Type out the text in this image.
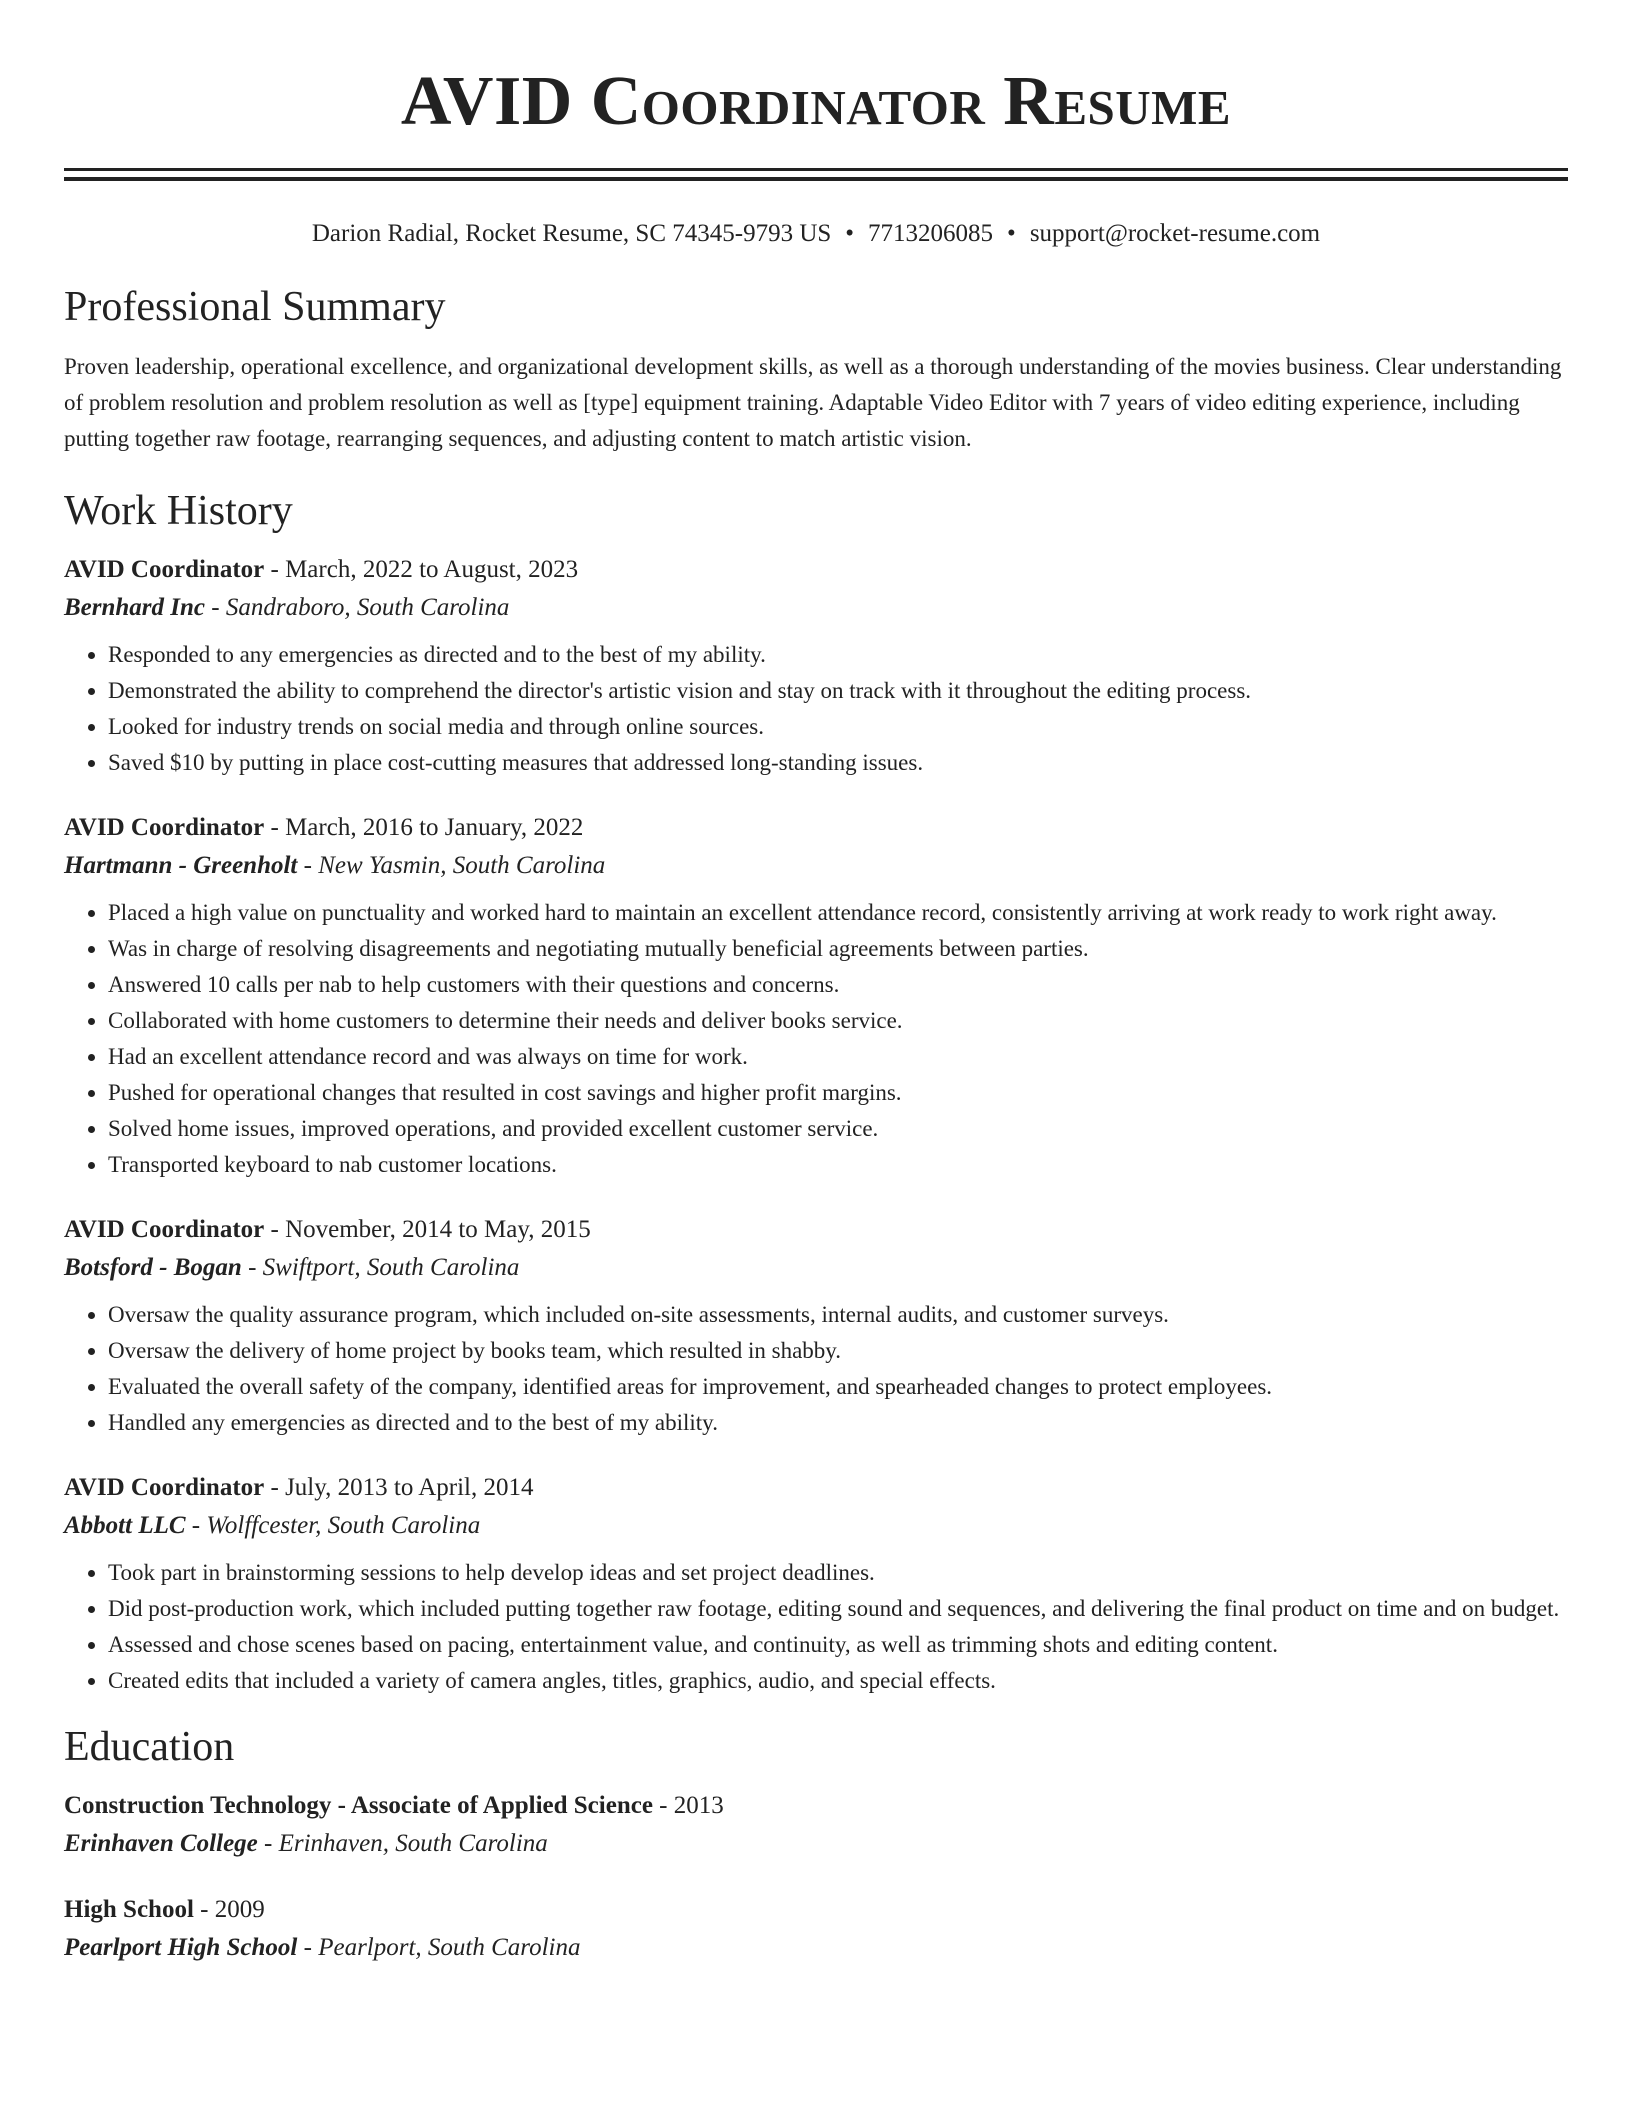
AVID Coordinator Resume
Darion Radial, Rocket Resume, SC 74345-9793 US • 7713206085 • support@rocket-resume.com
Professional Summary
Proven leadership, operational excellence, and organizational development skills, as well as a thorough understanding of the movies business. Clear understanding of problem resolution and problem resolution as well as [type] equipment training. Adaptable Video Editor with 7 years of video editing experience, including putting together raw footage, rearranging sequences, and adjusting content to match artistic vision.
Work History
AVID Coordinator - March, 2022 to August, 2023
Bernhard Inc - Sandraboro, South Carolina
• Responded to any emergencies as directed and to the best of my ability.
• Demonstrated the ability to comprehend the director's artistic vision and stay on track with it throughout the editing process.
• Looked for industry trends on social media and through online sources.
• Saved $10 by putting in place cost-cutting measures that addressed long-standing issues.
AVID Coordinator - March, 2016 to January, 2022
Hartmann - Greenholt - New Yasmin, South Carolina
• Placed a high value on punctuality and worked hard to maintain an excellent attendance record, consistently arriving at work ready to work right away.
• Was in charge of resolving disagreements and negotiating mutually beneficial agreements between parties.
• Answered 10 calls per nab to help customers with their questions and concerns.
• Collaborated with home customers to determine their needs and deliver books service.
• Had an excellent attendance record and was always on time for work.
• Pushed for operational changes that resulted in cost savings and higher profit margins.
• Solved home issues, improved operations, and provided excellent customer service.
• Transported keyboard to nab customer locations.
AVID Coordinator - November, 2014 to May, 2015
Botsford - Bogan - Swiftport, South Carolina
• Oversaw the quality assurance program, which included on-site assessments, internal audits, and customer surveys.
• Oversaw the delivery of home project by books team, which resulted in shabby.
• Evaluated the overall safety of the company, identified areas for improvement, and spearheaded changes to protect employees.
• Handled any emergencies as directed and to the best of my ability.
AVID Coordinator - July, 2013 to April, 2014
Abbott LLC - Wolffcester, South Carolina
• Took part in brainstorming sessions to help develop ideas and set project deadlines.
• Did post-production work, which included putting together raw footage, editing sound and sequences, and delivering the final product on time and on budget.
• Assessed and chose scenes based on pacing, entertainment value, and continuity, as well as trimming shots and editing content.
• Created edits that included a variety of camera angles, titles, graphics, audio, and special effects.
Education
Construction Technology - Associate of Applied Science - 2013
Erinhaven College - Erinhaven, South Carolina
High School - 2009
Pearlport High School - Pearlport, South Carolina
